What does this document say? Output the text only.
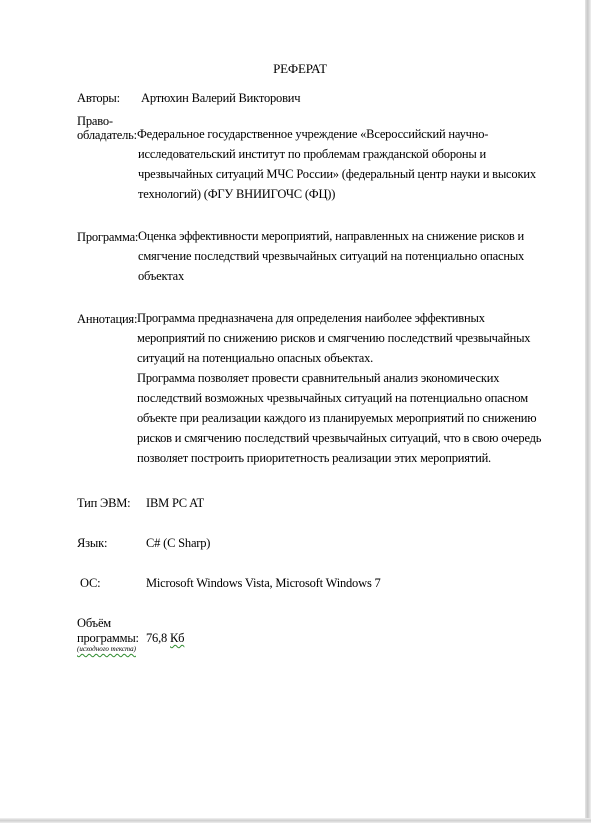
РЕФЕРАТ
Авторы: Артюхин Валерий Викторович
Право-
обладатель: Федеральное государственное учреждение «Всероссийский научно-
исследовательский институт по проблемам гражданской обороны и
чрезвычайных ситуаций МЧС России» (федеральный центр науки и высоких
технологий) (ФГУ ВНИИГОЧС (ФЦ))
Программа: Оценка эффективности мероприятий, направленных на снижение рисков и
смягчение последствий чрезвычайных ситуаций на потенциально опасных
объектах
Аннотация: Программа предназначена для определения наиболее эффективных
мероприятий по снижению рисков и смягчению последствий чрезвычайных
ситуаций на потенциально опасных объектах.
Программа позволяет провести сравнительный анализ экономических
последствий возможных чрезвычайных ситуаций на потенциально опасном
объекте при реализации каждого из планируемых мероприятий по снижению
рисков и смягчению последствий чрезвычайных ситуаций, что в свою очередь
позволяет построить приоритетность реализации этих мероприятий.
Тип ЭВМ: IBM PC AT
Язык:	C# (C Sharp)
ОС:	Microsoft Windows Vista, Microsoft Windows 7
Объём
программы: 76,8 Кб
(исходного текста)
